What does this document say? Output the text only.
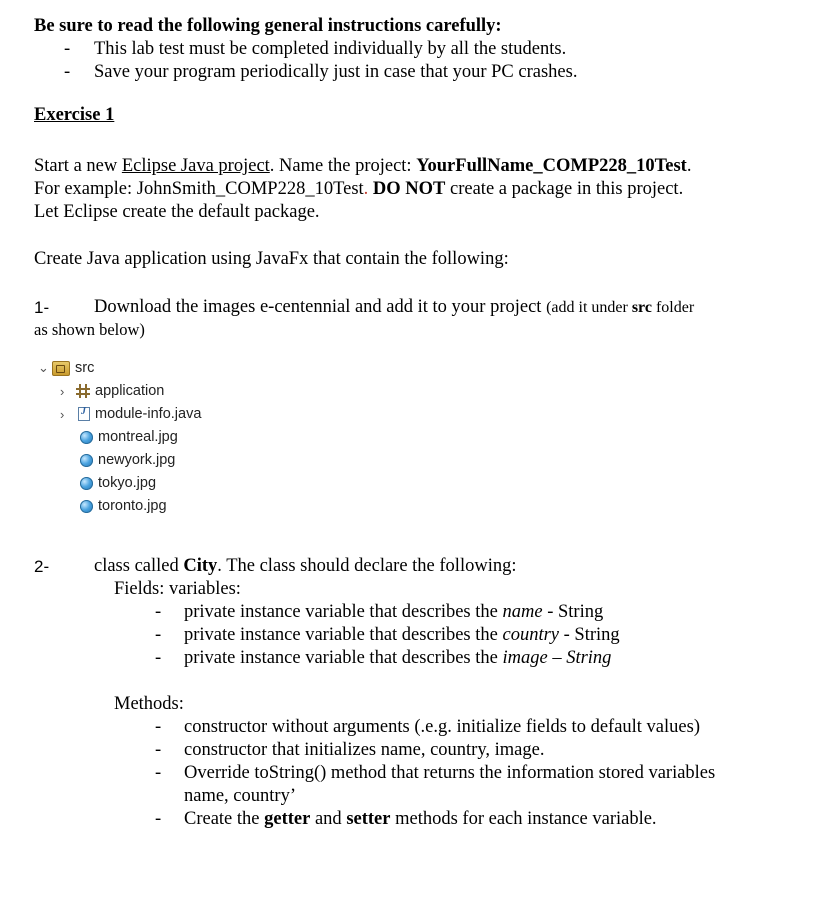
Be sure to read the following general instructions carefully:
- This lab test must be completed individually by all the students.
- Save your program periodically just in case that your PC crashes.
Exercise 1
Start a new Eclipse Java project. Name the project: YourFullName_COMP228_10Test.
For example: JohnSmith_COMP228_10Test. DO NOT create a package in this project.
Let Eclipse create the default package.
Create Java application using JavaFx that contain the following:
1- Download the images e-centennial and add it to your project (add it under src folder
as shown below)
⌄ src
›	application
›
J	module-info.java
montreal.jpg
newyork.jpg
tokyo.jpg
toronto.jpg
2- class called City. The class should declare the following:
Fields: variables:
- private instance variable that describes the name - String
- private instance variable that describes the country - String
- private instance variable that describes the image – String
Methods:
- constructor without arguments (.e.g. initialize fields to default values)
- constructor that initializes name, country, image.
- Override toString() method that returns the information stored variables
name, country’
- Create the getter and setter methods for each instance variable.
